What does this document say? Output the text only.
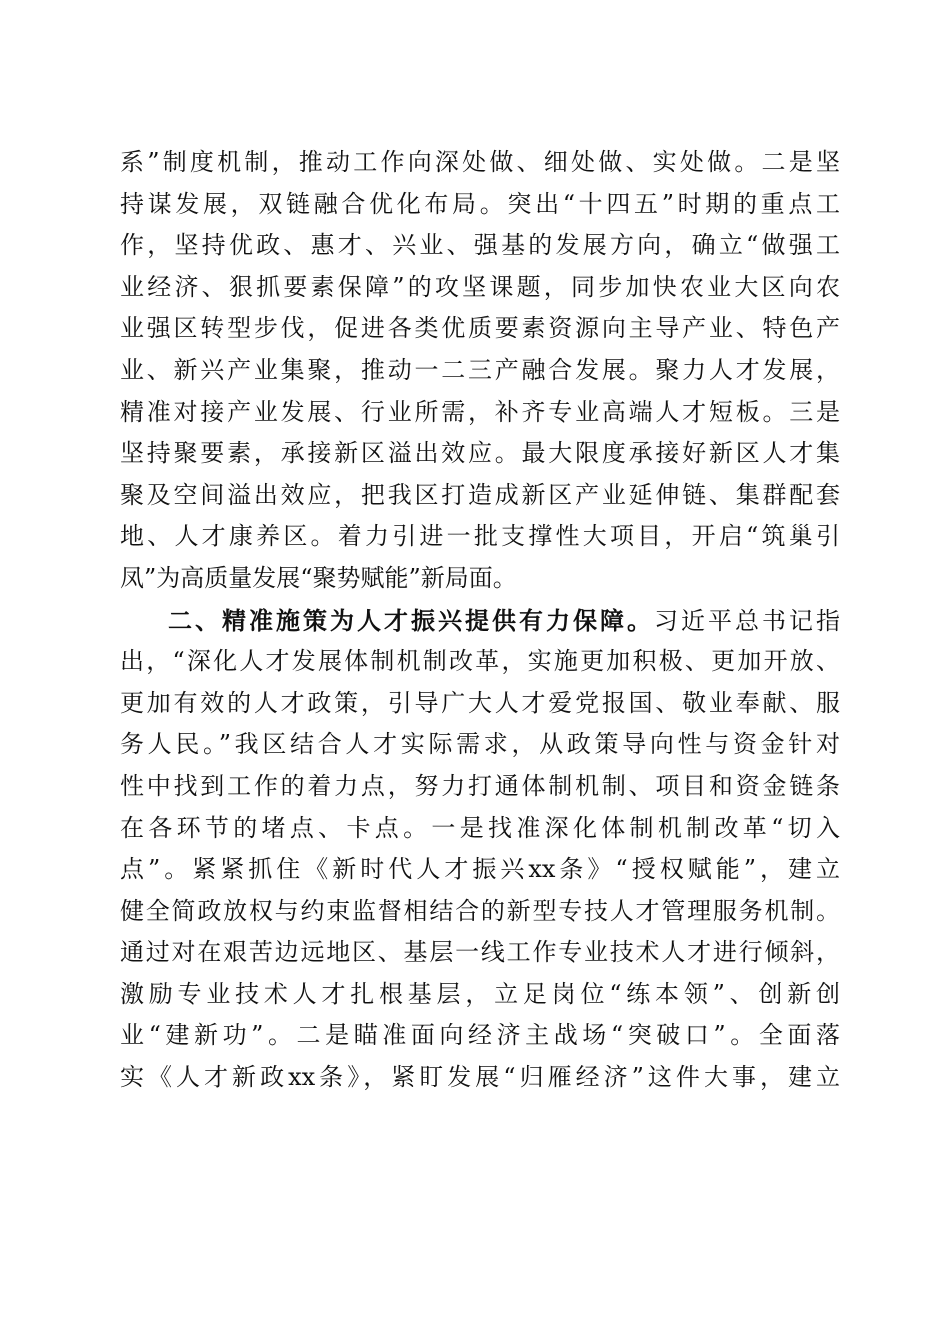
系”制度机制，推动工作向深处做、细处做、实处做。二是坚
持谋发展，双链融合优化布局。突出“十四五”时期的重点工
作，坚持优政、惠才、兴业、强基的发展方向，确立“做强工
业经济、狠抓要素保障”的攻坚课题，同步加快农业大区向农
业强区转型步伐，促进各类优质要素资源向主导产业、特色产
业、新兴产业集聚，推动一二三产融合发展。聚力人才发展，
精准对接产业发展、行业所需，补齐专业高端人才短板。三是
坚持聚要素，承接新区溢出效应。最大限度承接好新区人才集
聚及空间溢出效应，把我区打造成新区产业延伸链、集群配套
地、人才康养区。着力引进一批支撑性大项目，开启“筑巢引
凤”为高质量发展“聚势赋能”新局面。
二、精准施策为人才振兴提供有力保障。习近平总书记指
出，“深化人才发展体制机制改革，实施更加积极、更加开放、
更加有效的人才政策，引导广大人才爱党报国、敬业奉献、服
务人民。”我区结合人才实际需求，从政策导向性与资金针对
性中找到工作的着力点，努力打通体制机制、项目和资金链条
在各环节的堵点、卡点。一是找准深化体制机制改革“切入
点”。紧紧抓住《新时代人才振兴xx条》“授权赋能”，建立
健全简政放权与约束监督相结合的新型专技人才管理服务机制。
通过对在艰苦边远地区、基层一线工作专业技术人才进行倾斜，
激励专业技术人才扎根基层，立足岗位“练本领”、创新创
业“建新功”。二是瞄准面向经济主战场“突破口”。全面落
实《人才新政xx条》，紧盯发展“归雁经济”这件大事，建立
